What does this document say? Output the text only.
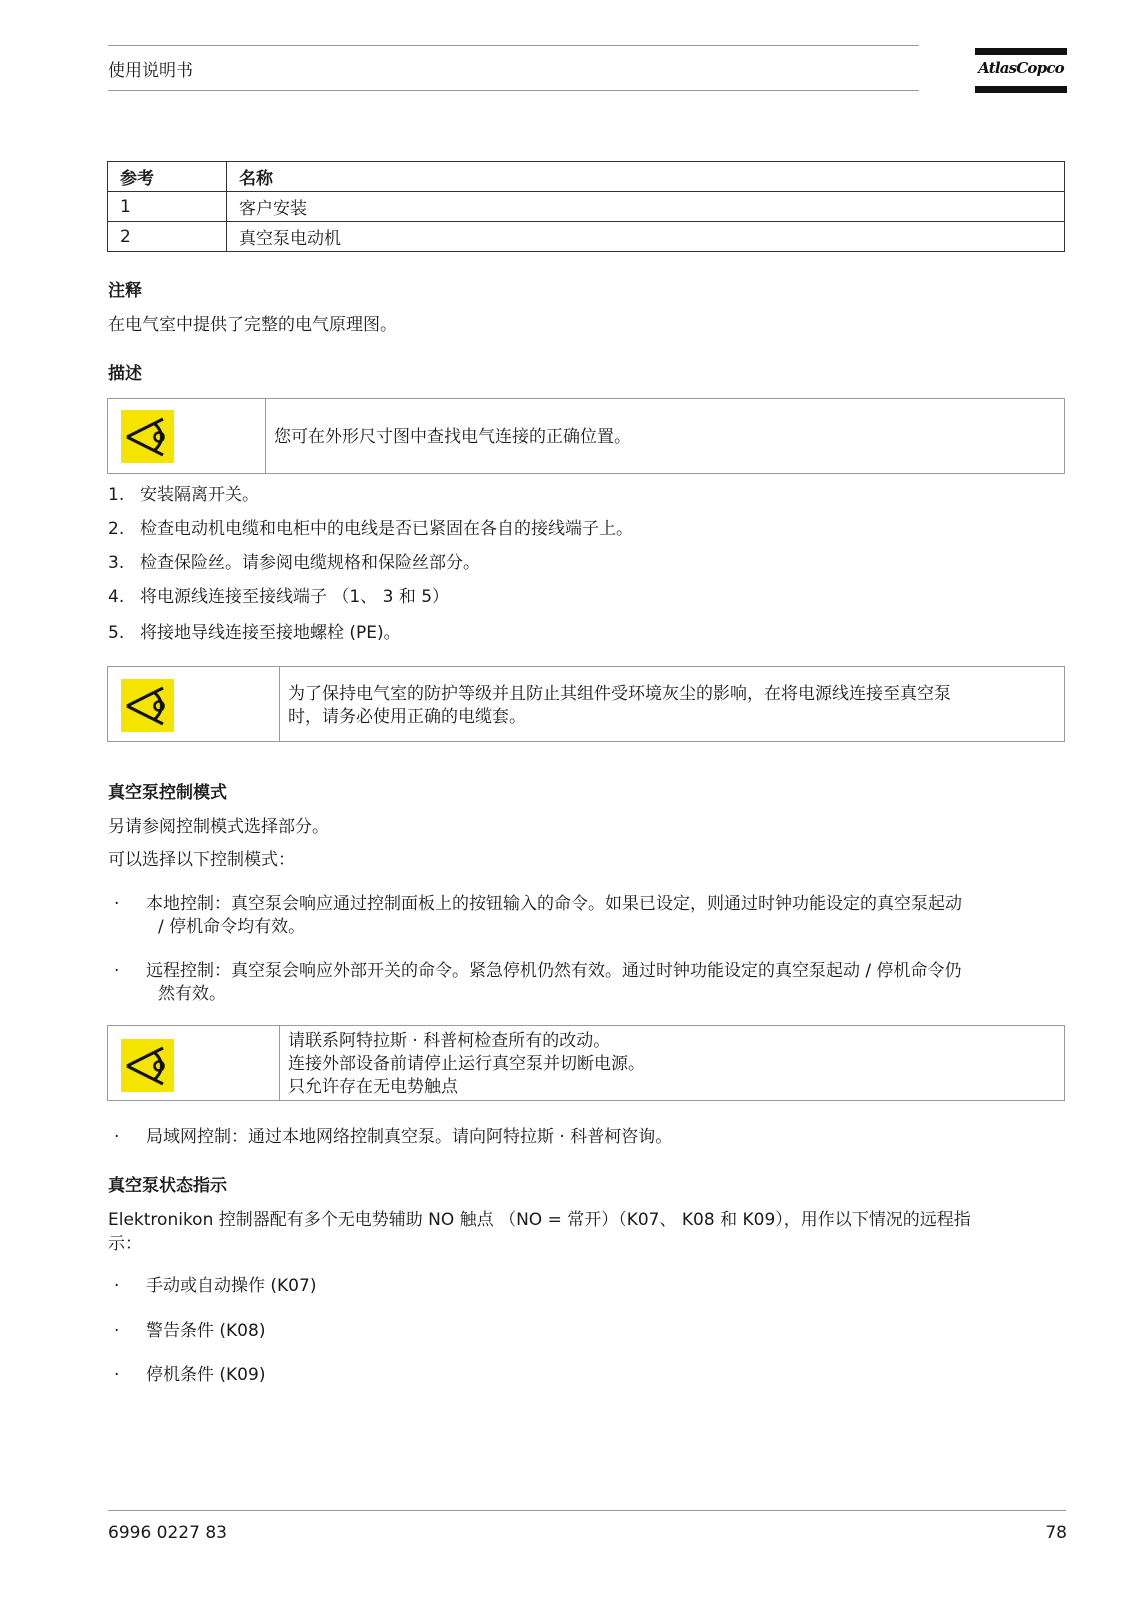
使用说明书	AtlasCopco
参考	名称
1	客户安装
2	真空泵电动机
注释
在电气室中提供了完整的电气原理图。
描述
您可在外形尺寸图中查找电气连接的正确位置。
1. 安装隔离开关。
2. 检查电动机电缆和电柜中的电线是否已紧固在各自的接线端子上。
3. 检查保险丝。请参阅电缆规格和保险丝部分。
4. 将电源线连接至接线端子 （1、 3 和 5）
5. 将接地导线连接至接地螺栓 (PE)。
为了保持电气室的防护等级并且防止其组件受环境灰尘的影响，在将电源线连接至真空泵
时，请务必使用正确的电缆套。
真空泵控制模式
另请参阅控制模式选择部分。
可以选择以下控制模式：
· 本地控制：真空泵会响应通过控制面板上的按钮输入的命令。如果已设定，则通过时钟功能设定的真空泵起动
/ 停机命令均有效。
· 远程控制：真空泵会响应外部开关的命令。紧急停机仍然有效。通过时钟功能设定的真空泵起动 / 停机命令仍
然有效。
请联系阿特拉斯 · 科普柯检查所有的改动。
连接外部设备前请停止运行真空泵并切断电源。
只允许存在无电势触点
· 局域网控制：通过本地网络控制真空泵。请向阿特拉斯 · 科普柯咨询。
真空泵状态指示
Elektronikon 控制器配有多个无电势辅助 NO 触点 （NO = 常开）（K07、 K08 和 K09），用作以下情况的远程指
示：
· 手动或自动操作 (K07)
· 警告条件 (K08)
· 停机条件 (K09)
6996 0227 83	78
